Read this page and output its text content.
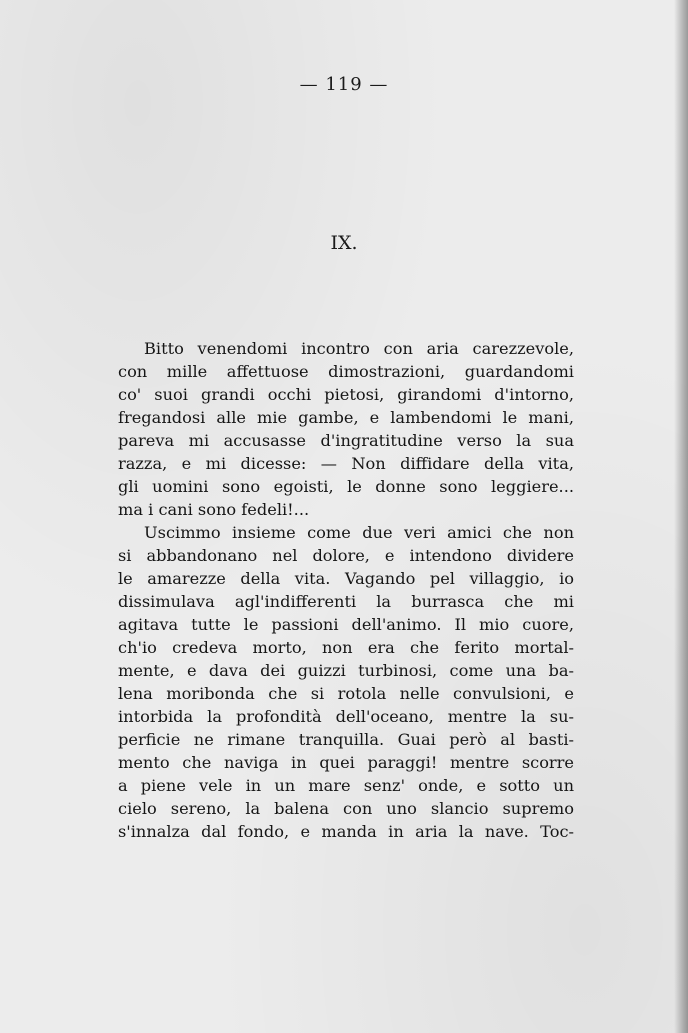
— 119 —
IX.
Bitto venendomi incontro con aria carezzevole,
con mille affettuose dimostrazioni, guardandomi
co' suoi grandi occhi pietosi, girandomi d'intorno,
fregandosi alle mie gambe, e lambendomi le mani,
pareva mi accusasse d'ingratitudine verso la sua
razza, e mi dicesse: — Non diffidare della vita,
gli uomini sono egoisti, le donne sono leggiere...
ma i cani sono fedeli!...
Uscimmo insieme come due veri amici che non
si abbandonano nel dolore, e intendono dividere
le amarezze della vita. Vagando pel villaggio, io
dissimulava agl'indifferenti la burrasca che mi
agitava tutte le passioni dell'animo. Il mio cuore,
ch'io credeva morto, non era che ferito mortal-
mente, e dava dei guizzi turbinosi, come una ba-
lena moribonda che si rotola nelle convulsioni, e
intorbida la profondità dell'oceano, mentre la su-
perficie ne rimane tranquilla. Guai però al basti-
mento che naviga in quei paraggi! mentre scorre
a piene vele in un mare senz' onde, e sotto un
cielo sereno, la balena con uno slancio supremo
s'innalza dal fondo, e manda in aria la nave. Toc-
